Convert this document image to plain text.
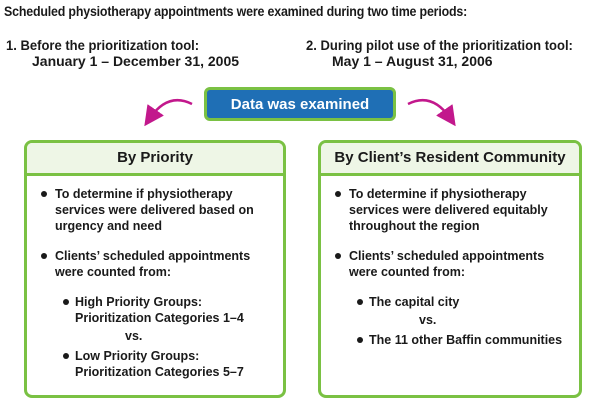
Scheduled physiotherapy appointments were examined during two time periods:
1. Before the prioritization tool:
January 1 – December 31, 2005
2. During pilot use of the prioritization tool:
May 1 – August 31, 2006
Data was examined
By Priority
To determine if physiotherapy services were delivered based on urgency and need
Clients’ scheduled appointments were counted from:
High Priority Groups:
Prioritization Categories 1–4
vs.
Low Priority Groups:
Prioritization Categories 5–7
By Client’s Resident Community
To determine if physiotherapy services were delivered equitably throughout the region
Clients’ scheduled appointments were counted from:
The capital city
vs.
The 11 other Baffin communities
